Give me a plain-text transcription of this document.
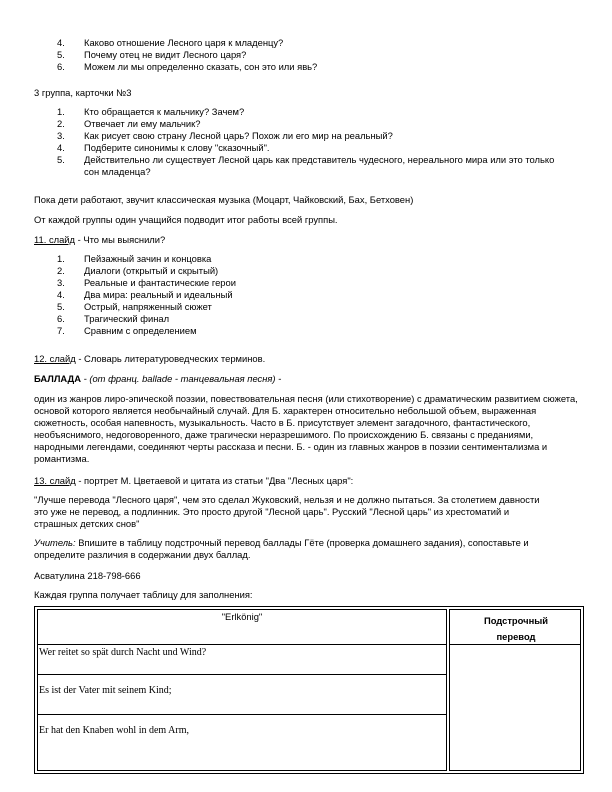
4. Каково отношение Лесного царя к младенцу?
5. Почему отец не видит Лесного царя?
6. Можем ли мы определенно сказать, сон это или явь?
3 группа, карточки №3
1. Кто обращается к мальчику? Зачем?
2. Отвечает ли ему мальчик?
3. Как рисует свою страну Лесной царь? Похож ли его мир на реальный?
4. Подберите синонимы к слову "сказочный".
5. Действительно ли существует Лесной царь как представитель чудесного, нереального мира или это только сон младенца?
Пока дети работают, звучит классическая музыка (Моцарт, Чайковский, Бах, Бетховен)
От каждой группы один учащийся подводит итог работы всей группы.
11. слайд - Что мы выяснили?
1. Пейзажный зачин и концовка
2. Диалоги (открытый и скрытый)
3. Реальные и фантастические герои
4. Два мира: реальный и идеальный
5. Острый, напряженный сюжет
6. Трагический финал
7. Сравним с определением
12. слайд - Словарь литературоведческих терминов.
БАЛЛАДА - (от франц. ballade - танцевальная песня) -
один из жанров лиро-эпической поэзии, повествовательная песня (или стихотворение) с драматическим развитием сюжета, основой которого является необычайный случай. Для Б. характерен относительно небольшой объем, выраженная сюжетность, особая напевность, музыкальность. Часто в Б. присутствует элемент загадочного, фантастического, необъяснимого, недоговоренного, даже трагически неразрешимого. По происхождению Б. связаны с преданиями, народными легендами, соединяют черты рассказа и песни. Б. - один из главных жанров в поэзии сентиментализма и романтизма.
13. слайд - портрет М. Цветаевой и цитата из статьи "Два "Лесных царя":
"Лучше перевода "Лесного царя", чем это сделал Жуковский, нельзя и не должно пытаться. За столетием давности это уже не перевод, а подлинник. Это просто другой "Лесной царь". Русский "Лесной царь" из хрестоматий и страшных детских снов"
Учитель: Впишите в таблицу подстрочный перевод баллады Гёте (проверка домашнего задания), сопоставьте и определите различия в содержании двух баллад.
Асватулина 218-798-666
Каждая группа получает таблицу для заполнения:
"Erlkönig"	Подстрочный перевод
Wer reitet so spät durch Nacht und Wind?
Es ist der Vater mit seinem Kind;
Er hat den Knaben wohl in dem Arm,
